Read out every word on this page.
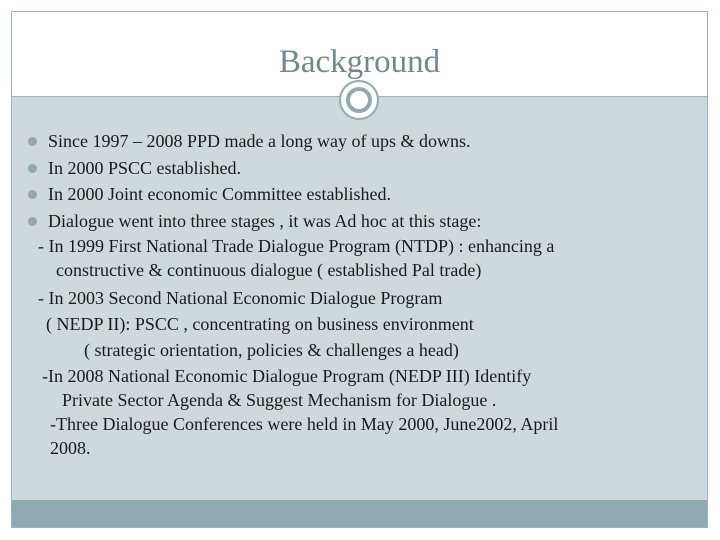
Background
Since 1997 – 2008 PPD made a long way of ups & downs.
In 2000 PSCC established.
In 2000 Joint economic Committee established.
Dialogue went into three stages , it was Ad hoc at this stage:
- In 1999 First National Trade Dialogue Program (NTDP) : enhancing a
constructive & continuous dialogue ( established Pal trade)
- In 2003 Second National Economic Dialogue Program
( NEDP II): PSCC , concentrating on business environment
( strategic orientation, policies & challenges a head)
-In 2008 National Economic Dialogue Program (NEDP III) Identify
Private Sector Agenda & Suggest Mechanism for Dialogue .
-Three Dialogue Conferences were held in May 2000, June2002, April
2008.
